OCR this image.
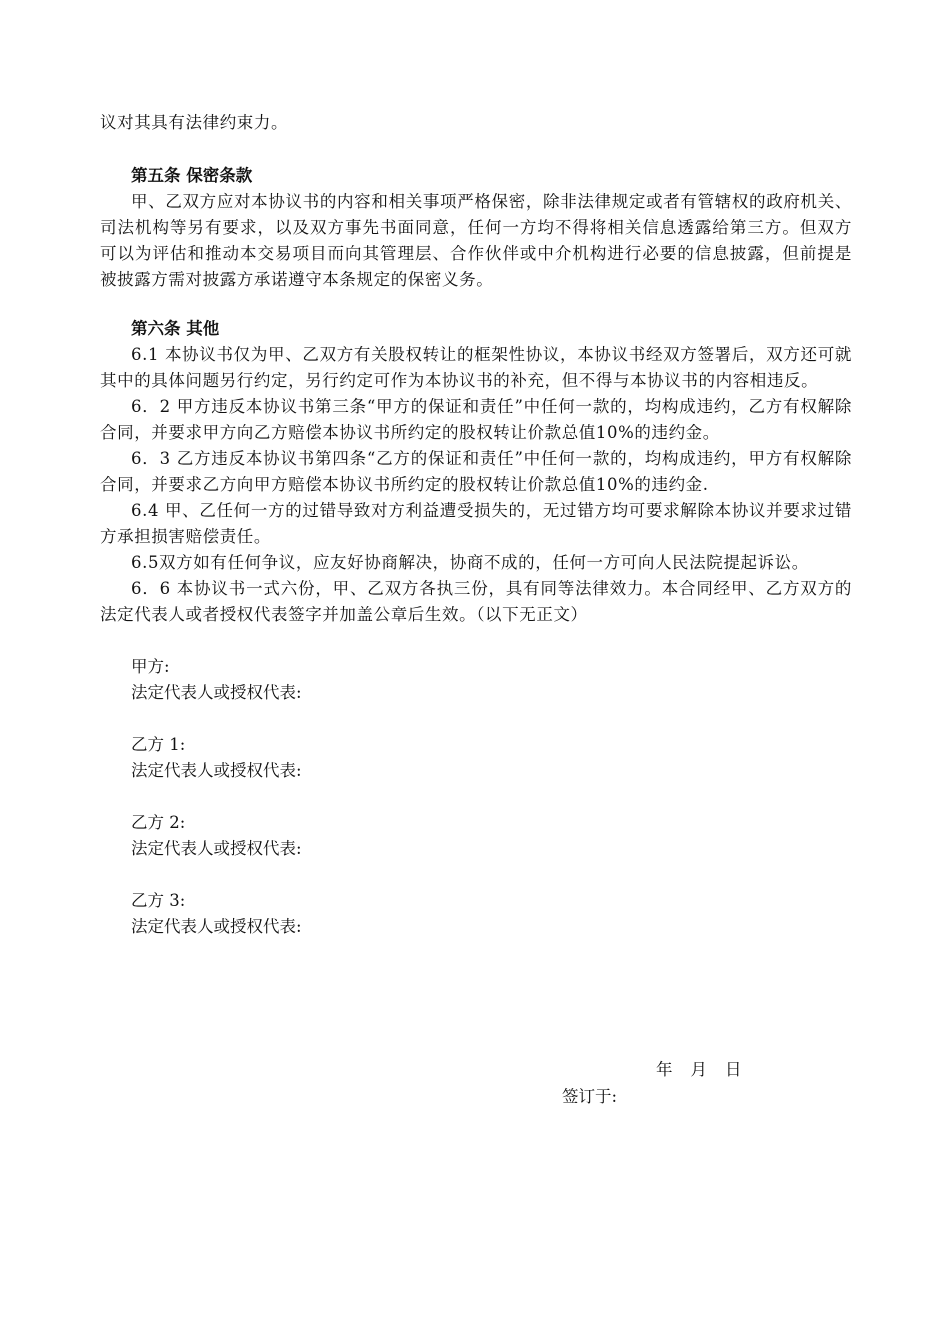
议对其具有法律约束力。

第五条 保密条款

甲、乙双方应对本协议书的内容和相关事项严格保密，除非法律规定或者有管辖权的政府机关、司法机构等另有要求，以及双方事先书面同意，任何一方均不得将相关信息透露给第三方。但双方可以为评估和推动本交易项目而向其管理层、合作伙伴或中介机构进行必要的信息披露，但前提是被披露方需对披露方承诺遵守本条规定的保密义务。

第六条 其他

6.1 本协议书仅为甲、乙双方有关股权转让的框架性协议，本协议书经双方签署后，双方还可就其中的具体问题另行约定，另行约定可作为本协议书的补充，但不得与本协议书的内容相违反。

6．2 甲方违反本协议书第三条“甲方的保证和责任”中任何一款的，均构成违约，乙方有权解除合同，并要求甲方向乙方赔偿本协议书所约定的股权转让价款总值10%的违约金。

6．3 乙方违反本协议书第四条“乙方的保证和责任”中任何一款的，均构成违约，甲方有权解除合同，并要求乙方向甲方赔偿本协议书所约定的股权转让价款总值10%的违约金.

6.4 甲、乙任何一方的过错导致对方利益遭受损失的，无过错方均可要求解除本协议并要求过错方承担损害赔偿责任。

6.5双方如有任何争议，应友好协商解决，协商不成的，任何一方可向人民法院提起诉讼。

6．6 本协议书一式六份，甲、乙双方各执三份，具有同等法律效力。本合同经甲、乙方双方的法定代表人或者授权代表签字并加盖公章后生效。（以下无正文）

甲方:

法定代表人或授权代表:

乙方 1:

法定代表人或授权代表:

乙方 2:

法定代表人或授权代表:

乙方 3:

法定代表人或授权代表:

年 月 日

签订于:
